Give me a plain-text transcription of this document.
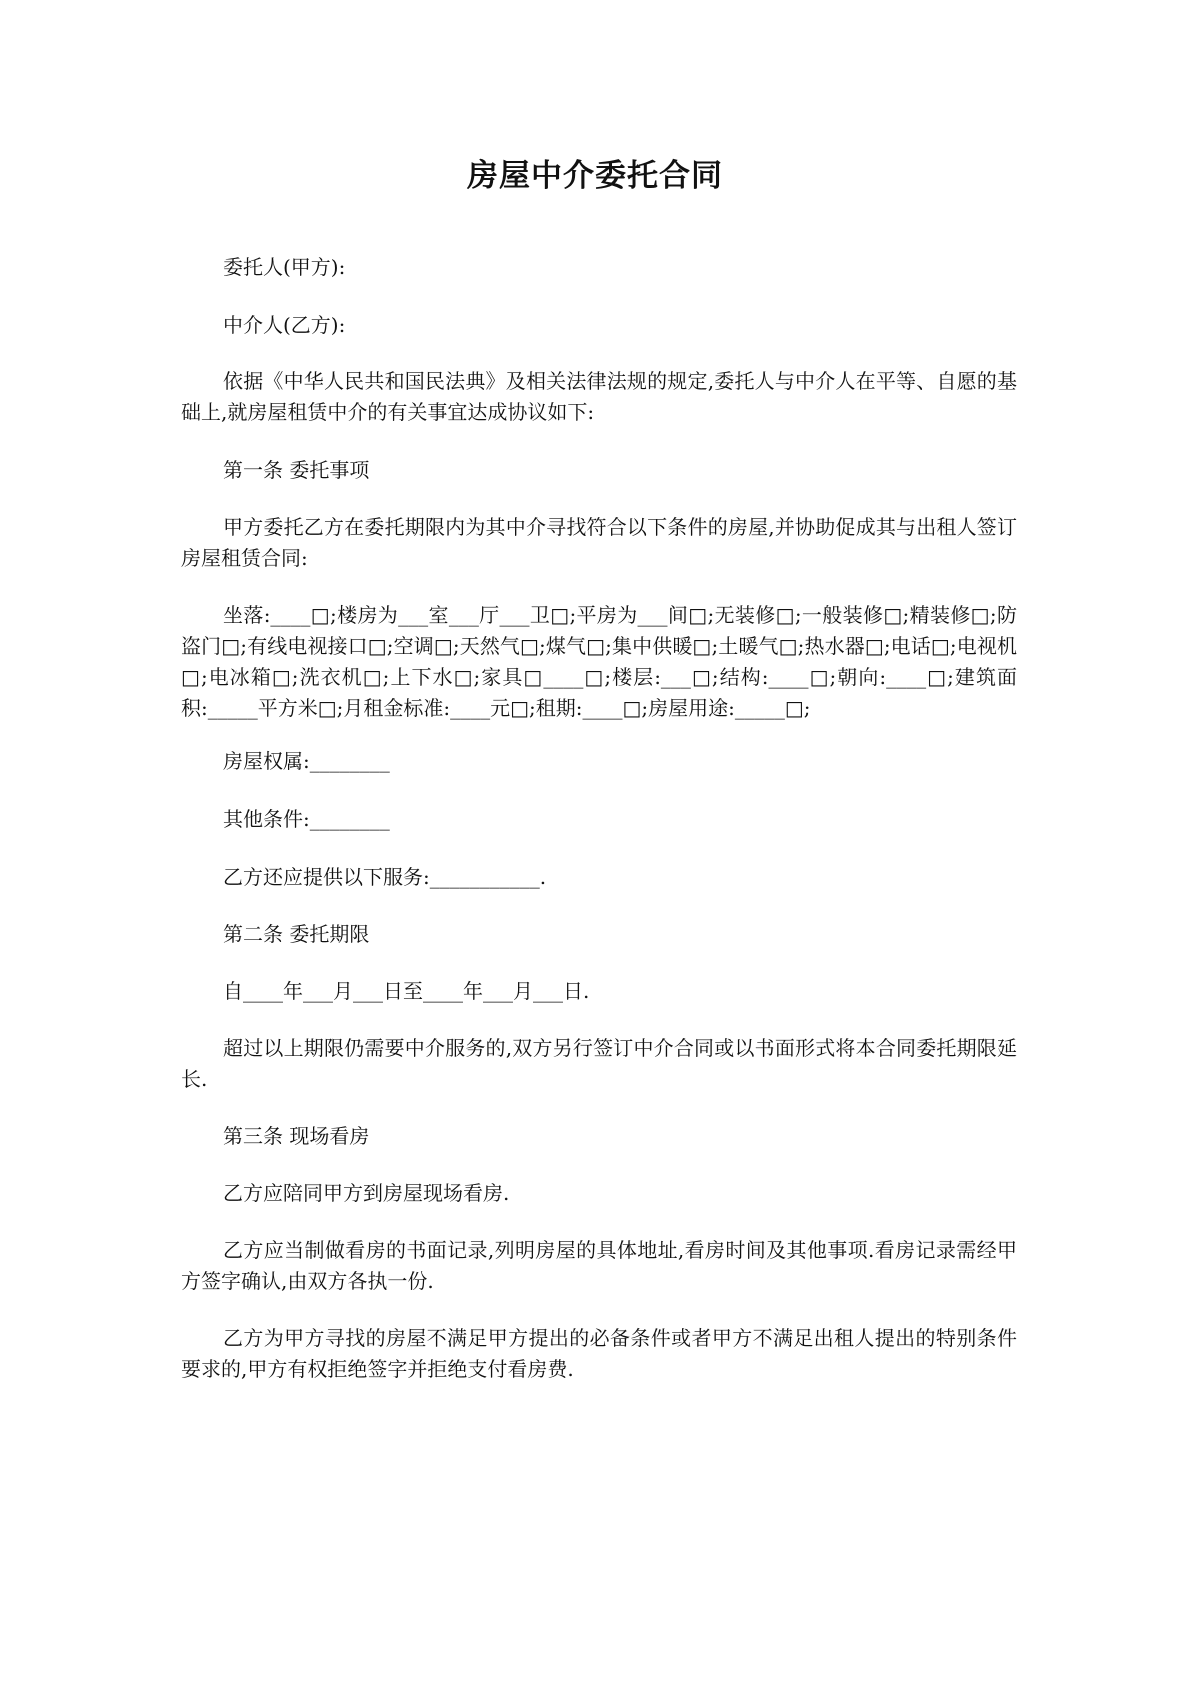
房屋中介委托合同

委托人(甲方):

中介人(乙方):

依据《中华人民共和国民法典》及相关法律法规的规定,委托人与中介人在平等、自愿的基础上,就房屋租赁中介的有关事宜达成协议如下:

第一条 委托事项

甲方委托乙方在委托期限内为其中介寻找符合以下条件的房屋,并协助促成其与出租人签订房屋租赁合同:

坐落:____□;楼房为___室___厅___卫□;平房为___间□;无装修□;一般装修□;精装修□;防盗门□;有线电视接口□;空调□;天然气□;煤气□;集中供暖□;土暖气□;热水器□;电话□;电视机□;电冰箱□;洗衣机□;上下水□;家具□____□;楼层:___□;结构:____□;朝向:____□;建筑面积:_____平方米□;月租金标准:____元□;租期:____□;房屋用途:_____□;

房屋权属:________

其他条件:________

乙方还应提供以下服务:___________.

第二条 委托期限

自____年___月___日至____年___月___日.

超过以上期限仍需要中介服务的,双方另行签订中介合同或以书面形式将本合同委托期限延长.

第三条 现场看房

乙方应陪同甲方到房屋现场看房.

乙方应当制做看房的书面记录,列明房屋的具体地址,看房时间及其他事项.看房记录需经甲方签字确认,由双方各执一份.

乙方为甲方寻找的房屋不满足甲方提出的必备条件或者甲方不满足出租人提出的特别条件要求的,甲方有权拒绝签字并拒绝支付看房费.
